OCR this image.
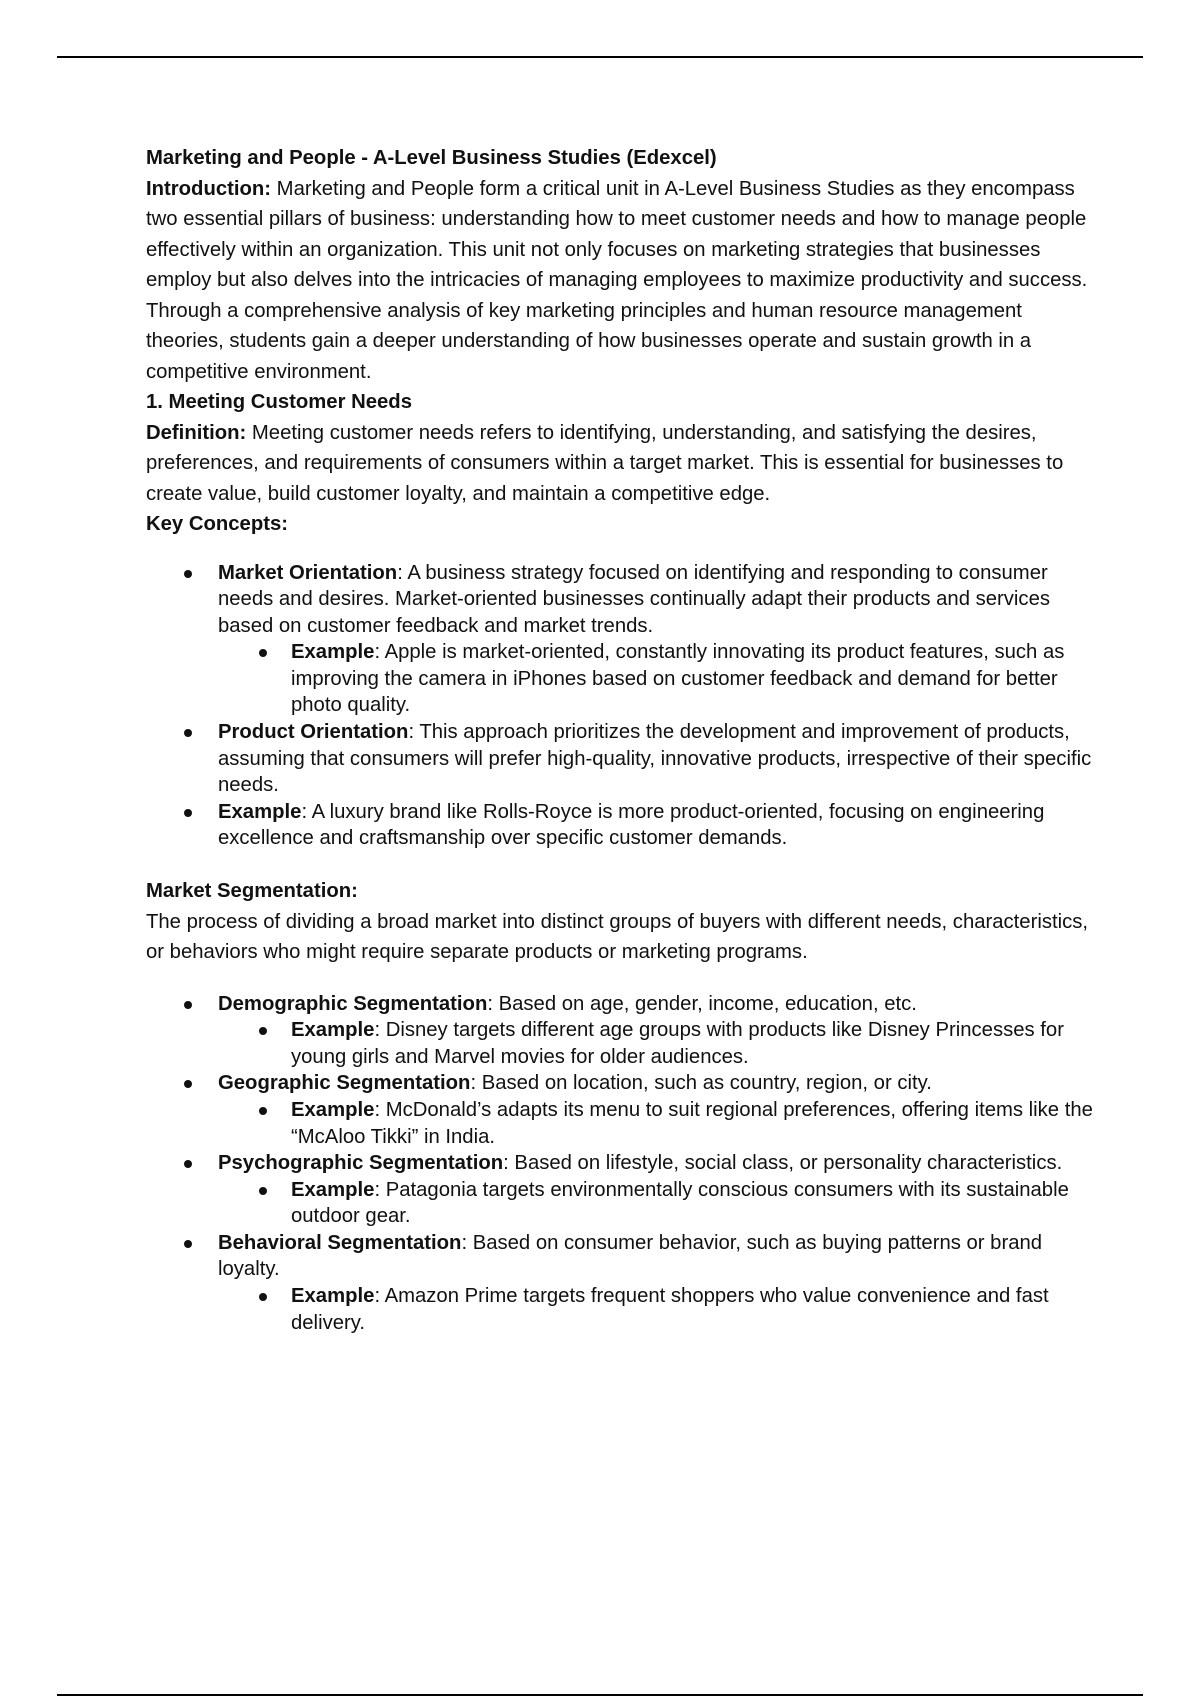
Marketing and People - A-Level Business Studies (Edexcel)

Introduction: Marketing and People form a critical unit in A-Level Business Studies as they encompass two essential pillars of business: understanding how to meet customer needs and how to manage people effectively within an organization. This unit not only focuses on marketing strategies that businesses employ but also delves into the intricacies of managing employees to maximize productivity and success. Through a comprehensive analysis of key marketing principles and human resource management theories, students gain a deeper understanding of how businesses operate and sustain growth in a competitive environment.

1. Meeting Customer Needs

Definition: Meeting customer needs refers to identifying, understanding, and satisfying the desires, preferences, and requirements of consumers within a target market. This is essential for businesses to create value, build customer loyalty, and maintain a competitive edge.

Key Concepts:

Market Orientation: A business strategy focused on identifying and responding to consumer needs and desires. Market-oriented businesses continually adapt their products and services based on customer feedback and market trends.
Example: Apple is market-oriented, constantly innovating its product features, such as improving the camera in iPhones based on customer feedback and demand for better photo quality.
Product Orientation: This approach prioritizes the development and improvement of products, assuming that consumers will prefer high-quality, innovative products, irrespective of their specific needs.
Example: A luxury brand like Rolls-Royce is more product-oriented, focusing on engineering excellence and craftsmanship over specific customer demands.

Market Segmentation:

The process of dividing a broad market into distinct groups of buyers with different needs, characteristics, or behaviors who might require separate products or marketing programs.

Demographic Segmentation: Based on age, gender, income, education, etc.
Example: Disney targets different age groups with products like Disney Princesses for young girls and Marvel movies for older audiences.
Geographic Segmentation: Based on location, such as country, region, or city.
Example: McDonald’s adapts its menu to suit regional preferences, offering items like the “McAloo Tikki” in India.
Psychographic Segmentation: Based on lifestyle, social class, or personality characteristics.
Example: Patagonia targets environmentally conscious consumers with its sustainable outdoor gear.
Behavioral Segmentation: Based on consumer behavior, such as buying patterns or brand loyalty.
Example: Amazon Prime targets frequent shoppers who value convenience and fast delivery.
